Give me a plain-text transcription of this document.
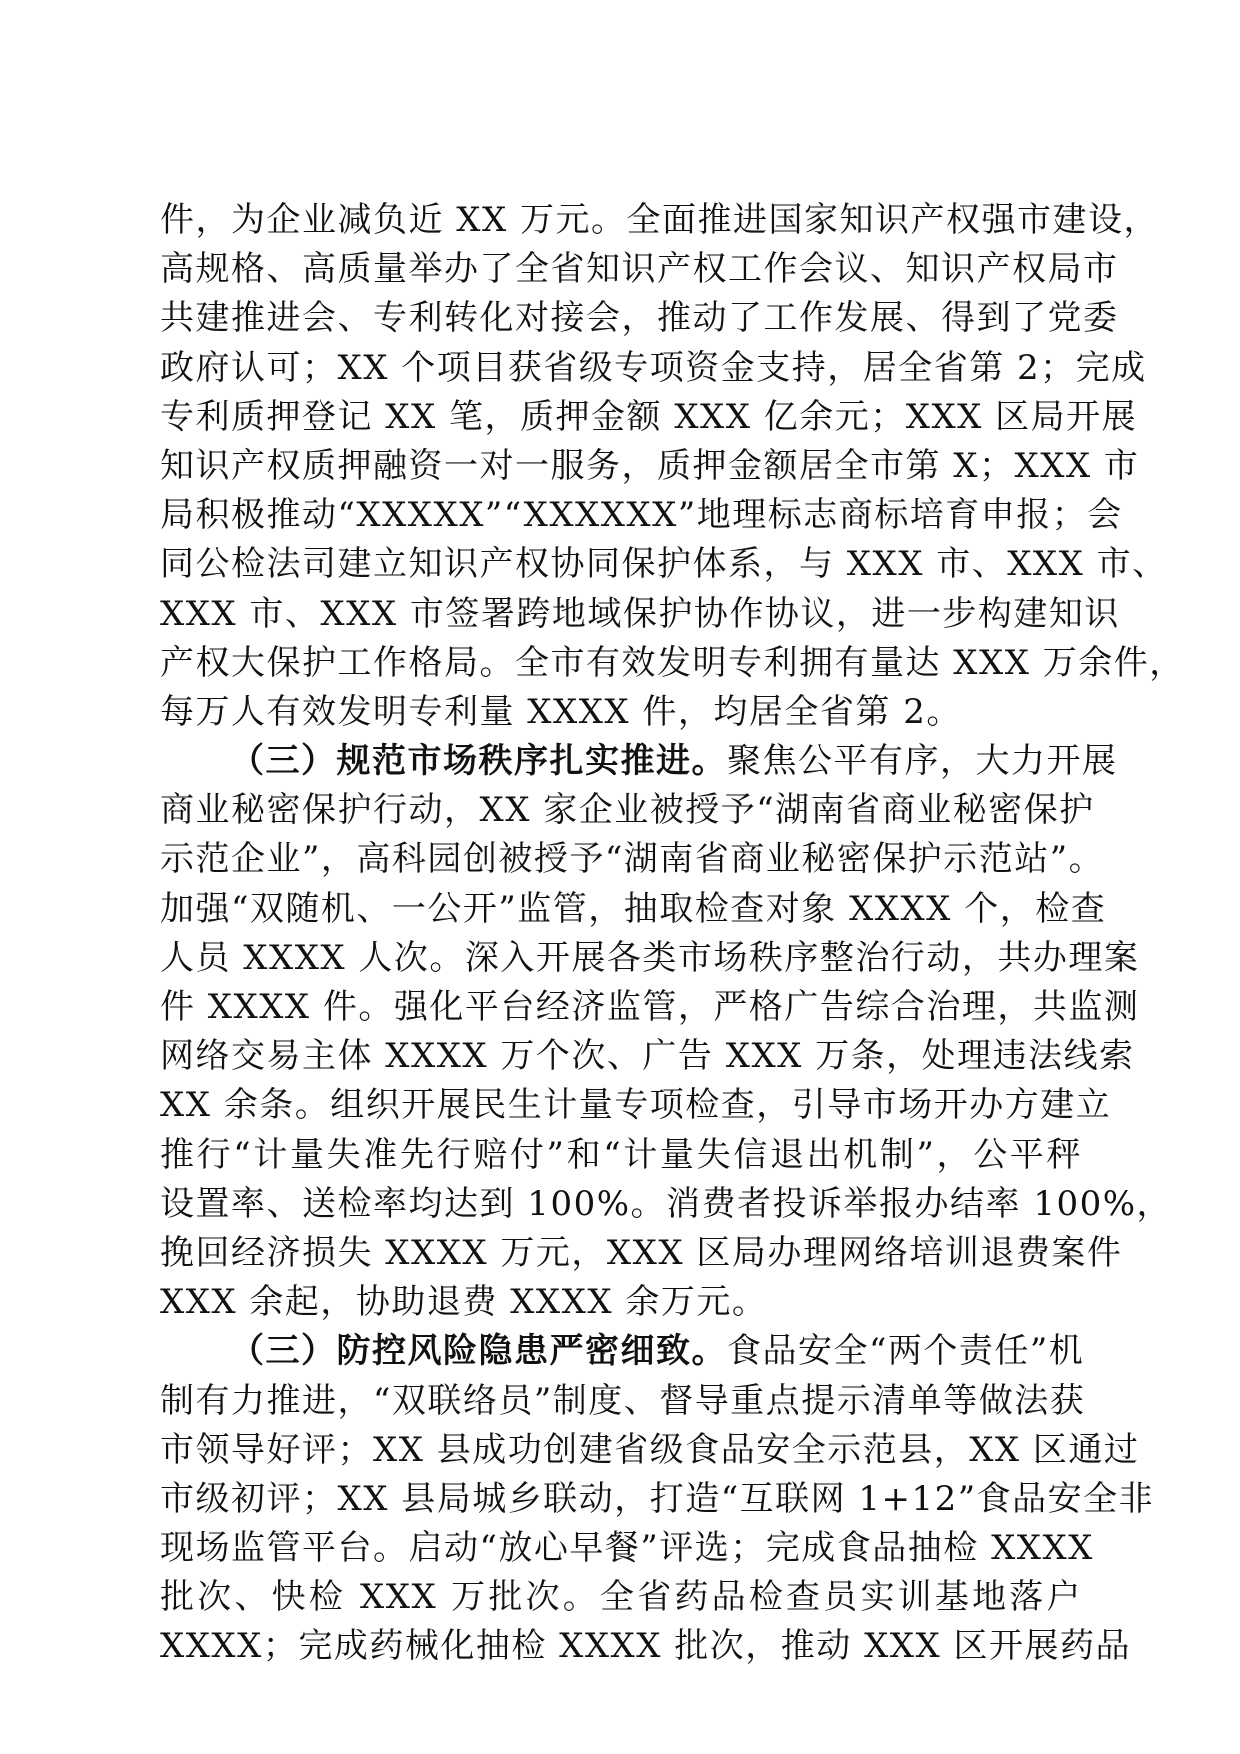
件，为企业减负近 XX 万元。全面推进国家知识产权强市建设，
高规格、高质量举办了全省知识产权工作会议、知识产权局市
共建推进会、专利转化对接会，推动了工作发展、得到了党委
政府认可；XX 个项目获省级专项资金支持，居全省第 2；完成
专利质押登记 XX 笔，质押金额 XXX 亿余元；XXX 区局开展
知识产权质押融资一对一服务，质押金额居全市第 X；XXX 市
局积极推动“XXXXX”“XXXXXX”地理标志商标培育申报；会
同公检法司建立知识产权协同保护体系，与 XXX 市、XXX 市、
XXX 市、XXX 市签署跨地域保护协作协议，进一步构建知识
产权大保护工作格局。全市有效发明专利拥有量达 XXX 万余件，
每万人有效发明专利量 XXXX 件，均居全省第 2。
（三）规范市场秩序扎实推进。聚焦公平有序，大力开展
商业秘密保护行动，XX 家企业被授予“湖南省商业秘密保护
示范企业”，高科园创被授予“湖南省商业秘密保护示范站”。
加强“双随机、一公开”监管，抽取检查对象 XXXX 个，检查
人员 XXXX 人次。深入开展各类市场秩序整治行动，共办理案
件 XXXX 件。强化平台经济监管，严格广告综合治理，共监测
网络交易主体 XXXX 万个次、广告 XXX 万条，处理违法线索
XX 余条。组织开展民生计量专项检查，引导市场开办方建立
推行“计量失准先行赔付”和“计量失信退出机制”，公平秤
设置率、送检率均达到 100%。消费者投诉举报办结率 100%，
挽回经济损失 XXXX 万元，XXX 区局办理网络培训退费案件
XXX 余起，协助退费 XXXX 余万元。
（三）防控风险隐患严密细致。食品安全“两个责任”机
制有力推进，“双联络员”制度、督导重点提示清单等做法获
市领导好评；XX 县成功创建省级食品安全示范县，XX 区通过
市级初评；XX 县局城乡联动，打造“互联网 1+12”食品安全非
现场监管平台。启动“放心早餐”评选；完成食品抽检 XXXX
批次、快检 XXX 万批次。全省药品检查员实训基地落户
XXXX；完成药械化抽检 XXXX 批次，推动 XXX 区开展药品
